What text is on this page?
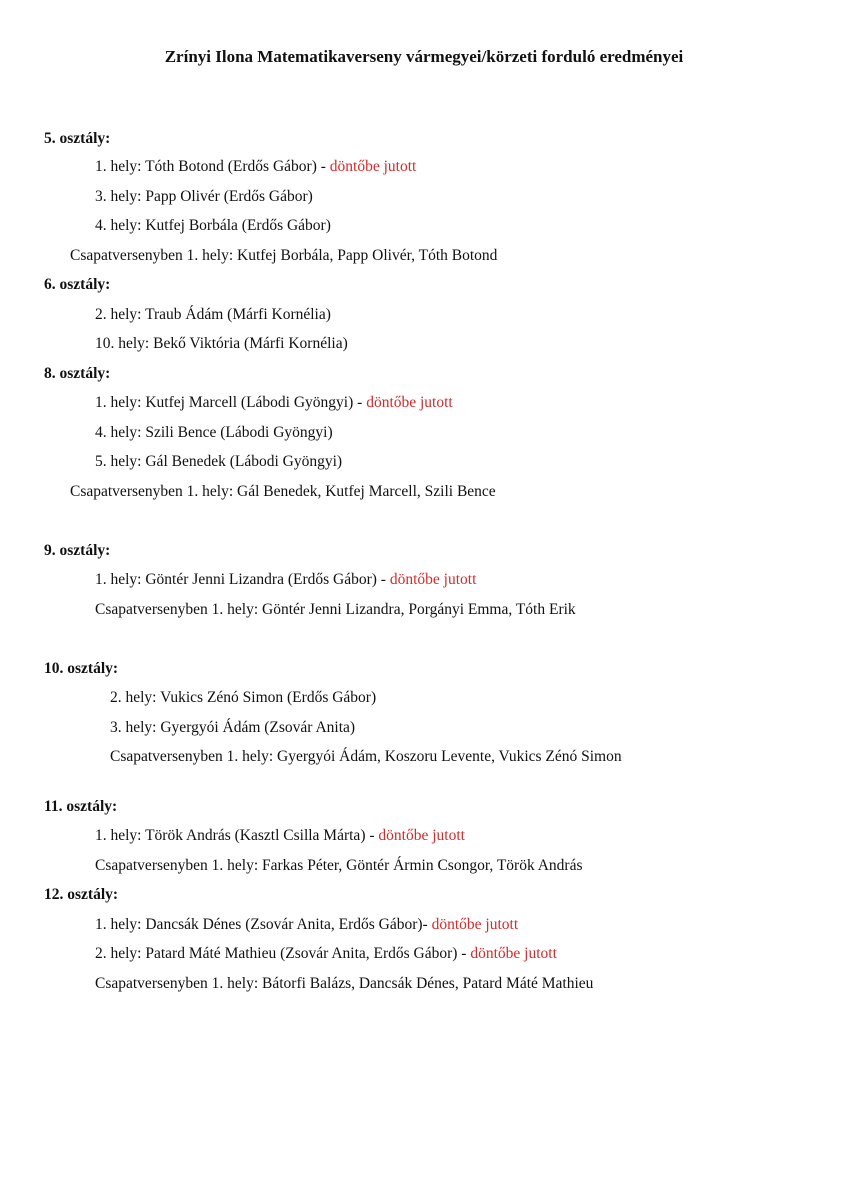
Zrínyi Ilona Matematikaverseny vármegyei/körzeti forduló eredményei
5. osztály:
1. hely: Tóth Botond (Erdős Gábor) - döntőbe jutott
3. hely: Papp Olivér (Erdős Gábor)
4. hely: Kutfej Borbála (Erdős Gábor)
Csapatversenyben 1. hely: Kutfej Borbála, Papp Olivér, Tóth Botond
6. osztály:
2. hely: Traub Ádám (Márfi Kornélia)
10. hely: Bekő Viktória (Márfi Kornélia)
8. osztály:
1. hely: Kutfej Marcell (Lábodi Gyöngyi) - döntőbe jutott
4. hely: Szili Bence (Lábodi Gyöngyi)
5. hely: Gál Benedek (Lábodi Gyöngyi)
Csapatversenyben 1. hely: Gál Benedek, Kutfej Marcell, Szili Bence
9. osztály:
1. hely: Göntér Jenni Lizandra (Erdős Gábor) - döntőbe jutott
Csapatversenyben 1. hely: Göntér Jenni Lizandra, Porgányi Emma, Tóth Erik
10. osztály:
2. hely: Vukics Zénó Simon (Erdős Gábor)
3. hely: Gyergyói Ádám (Zsovár Anita)
Csapatversenyben 1. hely: Gyergyói Ádám, Koszoru Levente, Vukics Zénó Simon
11. osztály:
1. hely: Török András (Kasztl Csilla Márta) - döntőbe jutott
Csapatversenyben 1. hely: Farkas Péter, Göntér Ármin Csongor, Török András
12. osztály:
1. hely: Dancsák Dénes (Zsovár Anita, Erdős Gábor)- döntőbe jutott
2. hely: Patard Máté Mathieu (Zsovár Anita, Erdős Gábor) - döntőbe jutott
Csapatversenyben 1. hely: Bátorfi Balázs, Dancsák Dénes, Patard Máté Mathieu
